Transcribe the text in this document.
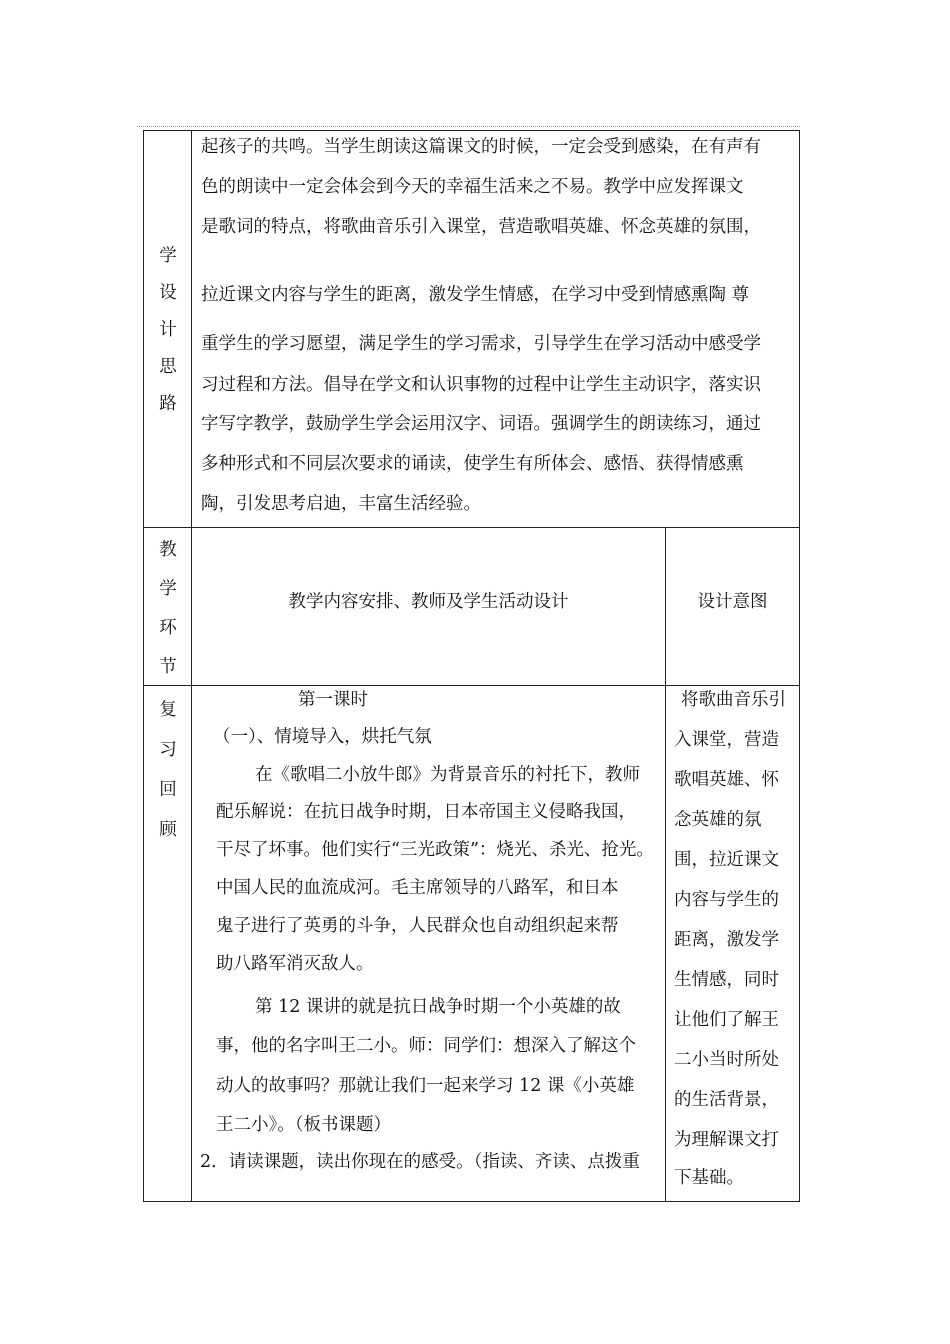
学
设
计
思
路
起孩子的共鸣。当学生朗读这篇课文的时候，一定会受到感染，在有声有
色的朗读中一定会体会到今天的幸福生活来之不易。教学中应发挥课文
是歌词的特点，将歌曲音乐引入课堂，营造歌唱英雄、怀念英雄的氛围，
拉近课文内容与学生的距离，激发学生情感，在学习中受到情感熏陶 尊
重学生的学习愿望，满足学生的学习需求，引导学生在学习活动中感受学
习过程和方法。倡导在学文和认识事物的过程中让学生主动识字，落实识
字写字教学，鼓励学生学会运用汉字、词语。强调学生的朗读练习，通过
多种形式和不同层次要求的诵读，使学生有所体会、感悟、获得情感熏
陶，引发思考启迪，丰富生活经验。
教
学
环
节
教学内容安排、教师及学生活动设计	设计意图
复
习
回
顾
第一课时
（一）、情境导入，烘托气氛
在《歌唱二小放牛郎》为背景音乐的衬托下，教师
配乐解说：在抗日战争时期，日本帝国主义侵略我国，
干尽了坏事。他们实行“三光政策”：烧光、杀光、抢光。
中国人民的血流成河。毛主席领导的八路军，和日本
鬼子进行了英勇的斗争，人民群众也自动组织起来帮
助八路军消灭敌人。
第 12 课讲的就是抗日战争时期一个小英雄的故
事，他的名字叫王二小。师：同学们：想深入了解这个
动人的故事吗？那就让我们一起来学习 12 课《小英雄
王二小》。（板书课题）
2．请读课题，读出你现在的感受。（指读、齐读、点拨重
将歌曲音乐引
入课堂，营造
歌唱英雄、怀
念英雄的氛
围，拉近课文
内容与学生的
距离，激发学
生情感，同时
让他们了解王
二小当时所处
的生活背景，
为理解课文打
下基础。
